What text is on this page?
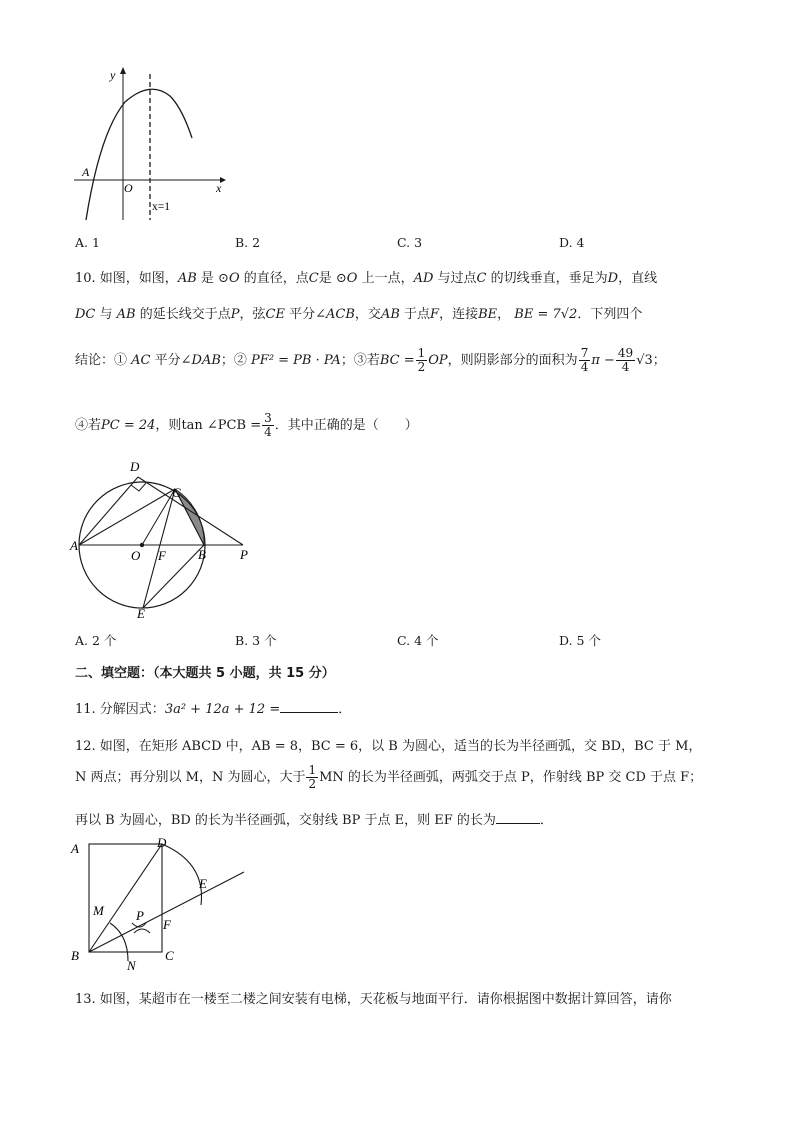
y
x
A
O
x=1
A. 1	B. 2	C. 3	D. 4
10. 如图，如图，AB 是 ⊙O 的直径，点C是 ⊙O 上一点，AD 与过点C 的切线垂直，垂足为D，直线
DC 与 AB 的延长线交于点P，弦CE 平分∠ACB，交AB 于点F，连接BE， BE = 7√2．下列四个
结论：① AC 平分∠DAB；② PF² = PB · PA；③若BC = $\frac{1}{2}$ OP，则阴影部分的面积为 $\frac{7}{4}$ $\pi - \frac{49}{4} √3$；
④若PC = 24，则tan ∠PCB = $\frac{3}{4}$ ．其中正确的是（　　）
D
C
A
O F B	P
E
A. 2 个	B. 3 个	C. 4 个	D. 5 个
二、填空题：（本大题共 5 小题，共 15 分）
11. 分解因式：3a² + 12a + 12 =	．
12. 如图，在矩形 ABCD 中，AB = 8，BC = 6，以 B 为圆心，适当的长为半径画弧，交 BD，BC 于 M，
N 两点；再分别以 M，N 为圆心，大于 $\frac{1}{2}$ MN 的长为半径画弧，两弧交于点 P，作射线 BP 交 CD 于点 F；
再以 B 为圆心，BD 的长为半径画弧，交射线 BP 于点 E，则 EF 的长为	．
A	D
E
M P
F
B
N
C
13. 如图，某超市在一楼至二楼之间安装有电梯，天花板与地面平行．请你根据图中数据计算回答，请你
